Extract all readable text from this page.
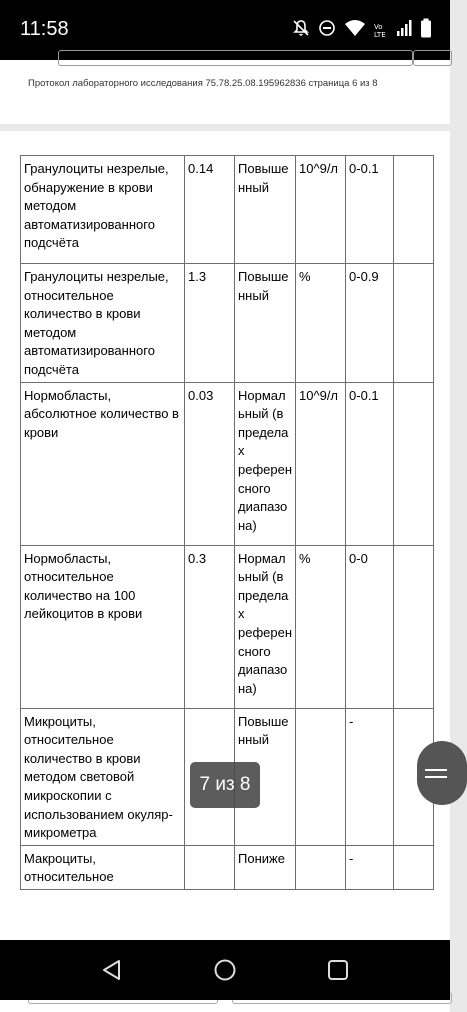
11:58	Vo
LTE
Протокол лабораторного исследования 75.78.25.08.195962836 страница 6 из 8
Гранулоциты незрелые, обнаружение в крови методом автоматизированного подсчёта	0.14	Повыше нный	10^9/л	0-0.1	
Гранулоциты незрелые, относительное количество в крови методом автоматизированного подсчёта	1.3	Повыше нный	%	0-0.9	
Нормобласты, абсолютное количество в крови	0.03	Нормал ьный (в предела х референ сного диапазо на)	10^9/л	0-0.1	
Нормобласты, относительное количество на 100 лейкоцитов в крови	0.3	Нормал ьный (в предела х референ сного диапазо на)	%	0-0	
Микроциты, относительное количество в крови методом световой микроскопии с использованием окуляр-микрометра		Повыше нный		-	
Макроциты, относительное		Пониже		-	
7 из 8
